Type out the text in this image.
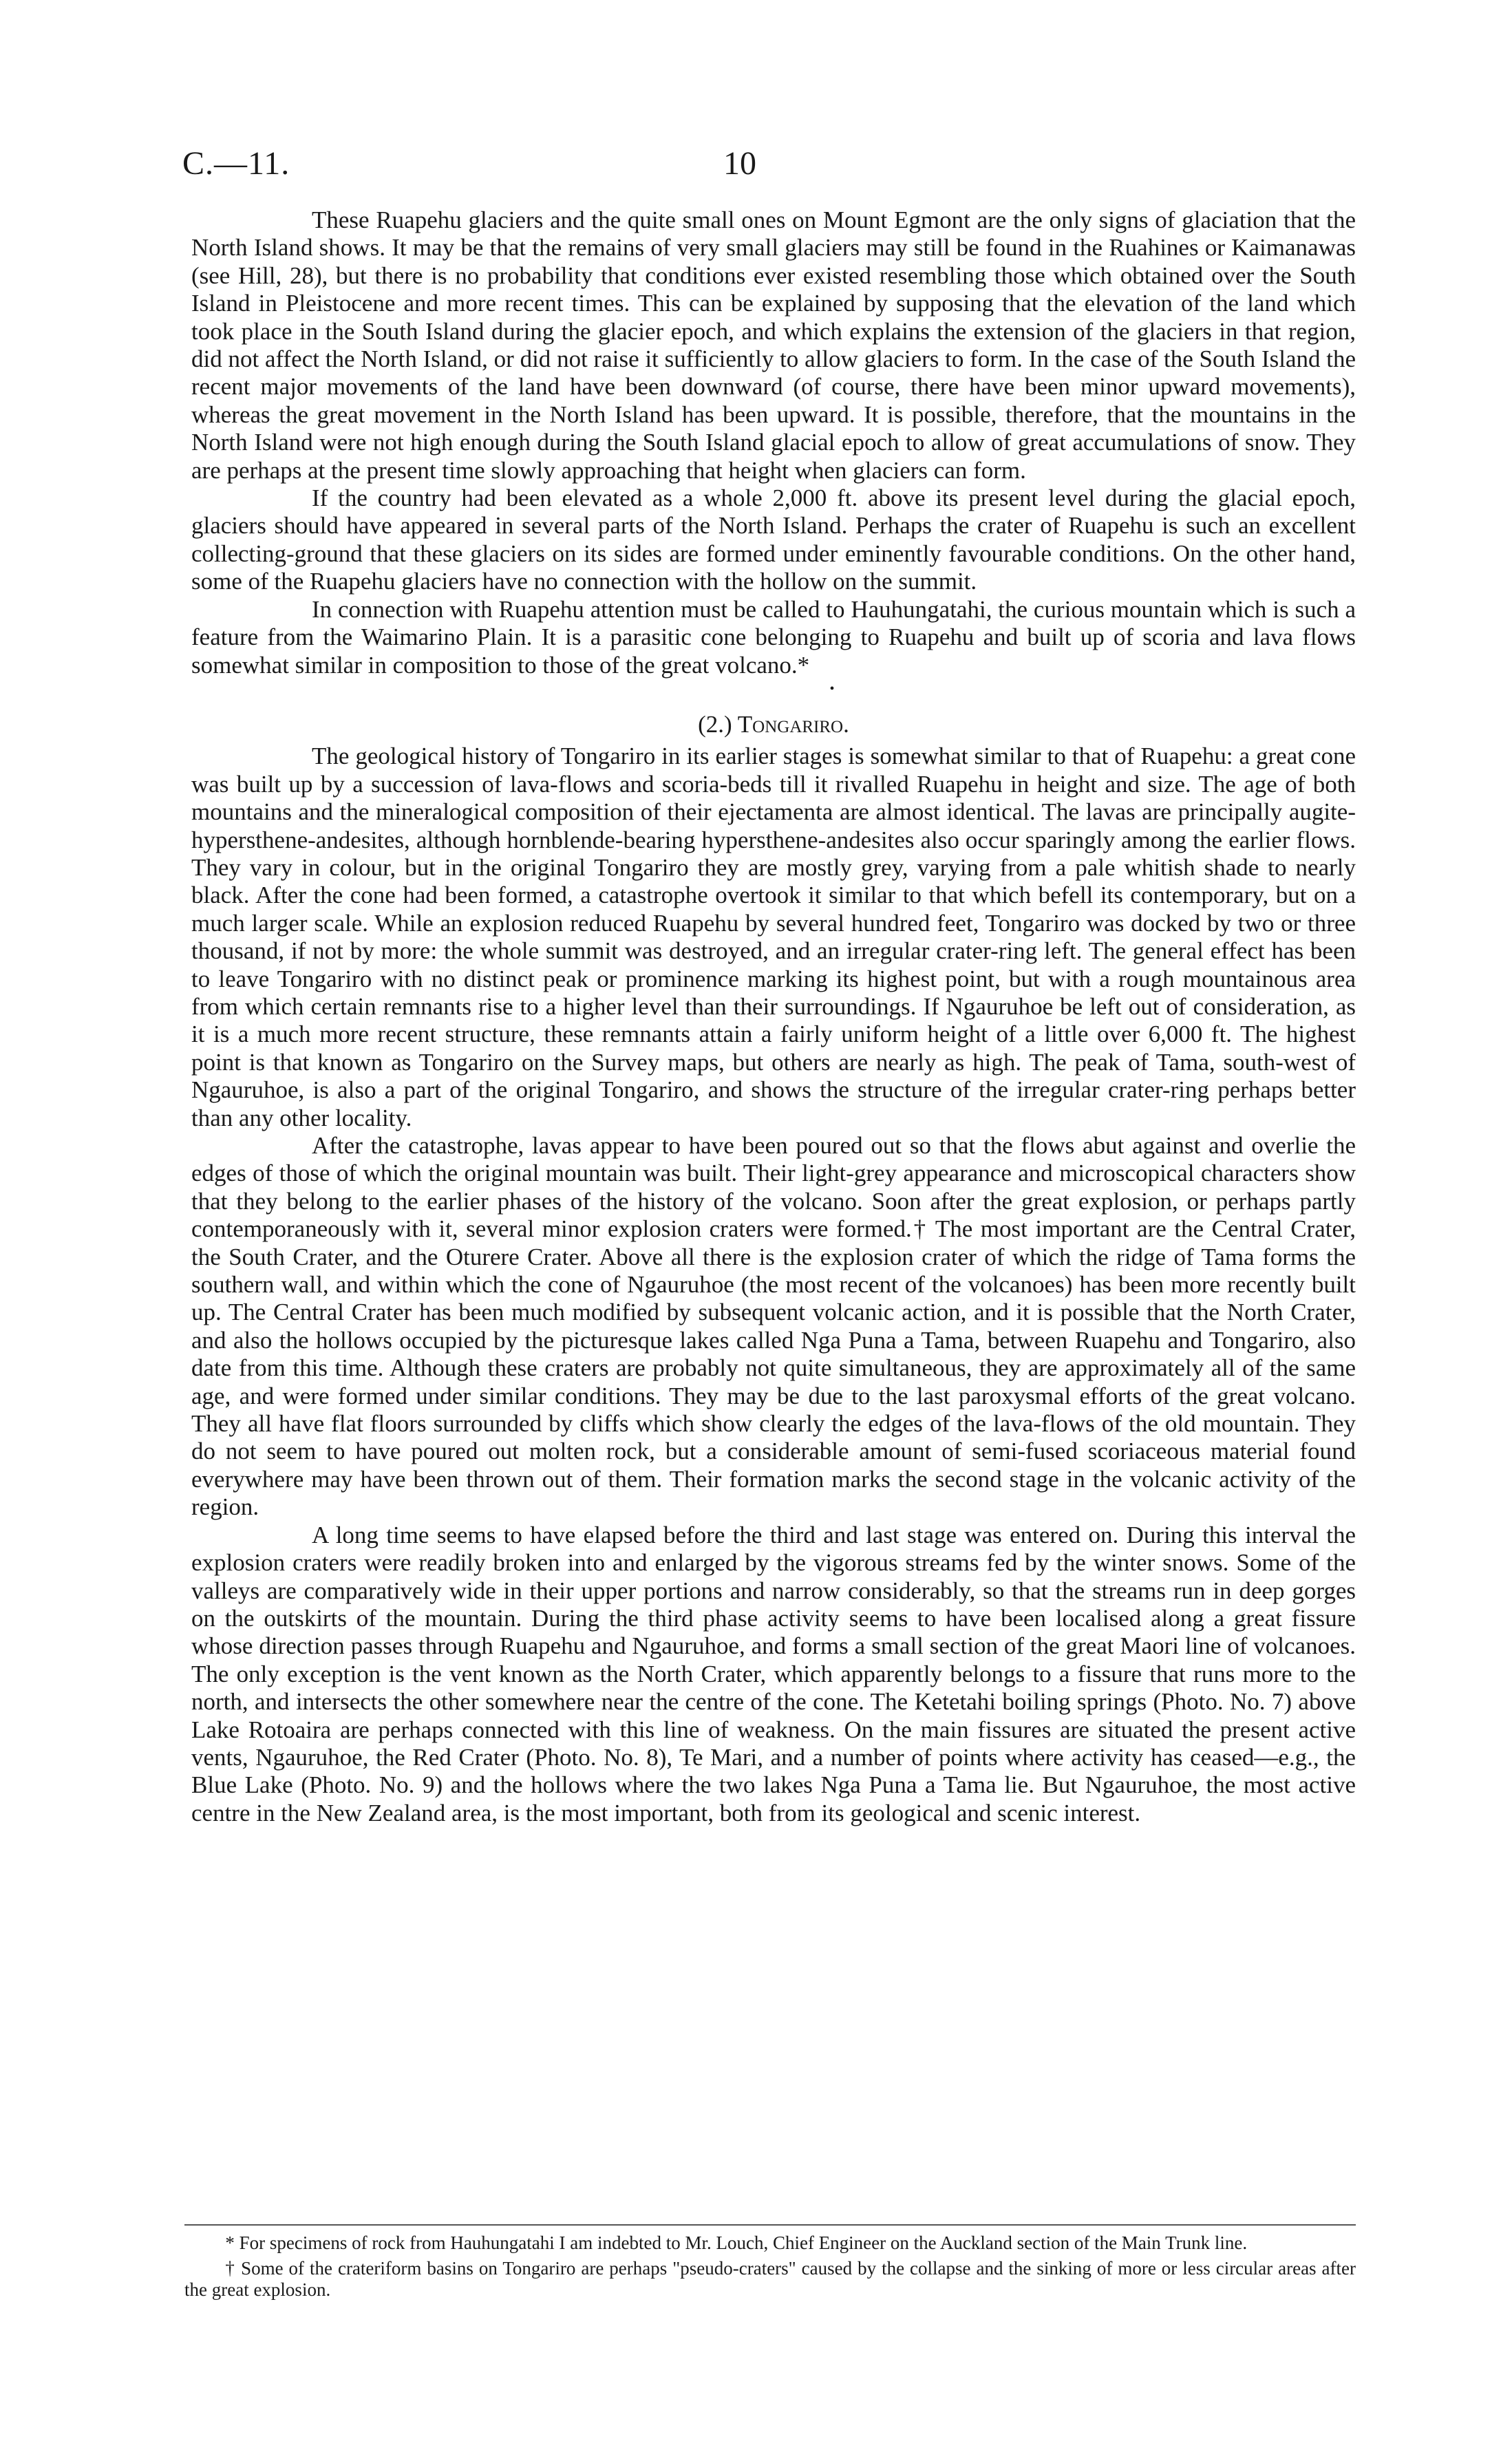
C.—11.	10

These Ruapehu glaciers and the quite small ones on Mount Egmont are the only signs of glaciation that the North Island shows. It may be that the remains of very small glaciers may still be found in the Ruahines or Kaimanawas (see Hill, 28), but there is no probability that conditions ever existed resembling those which obtained over the South Island in Pleistocene and more recent times. This can be explained by supposing that the elevation of the land which took place in the South Island during the glacier epoch, and which explains the extension of the glaciers in that region, did not affect the North Island, or did not raise it sufficiently to allow glaciers to form. In the case of the South Island the recent major movements of the land have been downward (of course, there have been minor upward movements), whereas the great movement in the North Island has been upward. It is possible, therefore, that the mountains in the North Island were not high enough during the South Island glacial epoch to allow of great accumulations of snow. They are perhaps at the present time slowly approaching that height when glaciers can form.

If the country had been elevated as a whole 2,000 ft. above its present level during the glacial epoch, glaciers should have appeared in several parts of the North Island. Perhaps the crater of Ruapehu is such an excellent collecting-ground that these glaciers on its sides are formed under eminently favourable conditions. On the other hand, some of the Ruapehu glaciers have no connection with the hollow on the summit.

In connection with Ruapehu attention must be called to Hauhungatahi, the curious mountain which is such a feature from the Waimarino Plain. It is a parasitic cone belonging to Ruapehu and built up of scoria and lava flows somewhat similar in composition to those of the great volcano.*

•
(2.) Tongariro.

The geological history of Tongariro in its earlier stages is somewhat similar to that of Ruapehu: a great cone was built up by a succession of lava-flows and scoria-beds till it rivalled Ruapehu in height and size. The age of both mountains and the mineralogical composition of their ejectamenta are almost identical. The lavas are principally augite-hypersthene-andesites, although hornblende-bearing hypersthene-andesites also occur sparingly among the earlier flows. They vary in colour, but in the original Tongariro they are mostly grey, varying from a pale whitish shade to nearly black. After the cone had been formed, a catastrophe overtook it similar to that which befell its contemporary, but on a much larger scale. While an explosion reduced Ruapehu by several hundred feet, Tongariro was docked by two or three thousand, if not by more: the whole summit was destroyed, and an irregular crater-ring left. The general effect has been to leave Tongariro with no distinct peak or prominence marking its highest point, but with a rough mountainous area from which certain remnants rise to a higher level than their surroundings. If Ngauruhoe be left out of consideration, as it is a much more recent structure, these remnants attain a fairly uniform height of a little over 6,000 ft. The highest point is that known as Tongariro on the Survey maps, but others are nearly as high. The peak of Tama, south-west of Ngauruhoe, is also a part of the original Tongariro, and shows the structure of the irregular crater-ring perhaps better than any other locality.

After the catastrophe, lavas appear to have been poured out so that the flows abut against and overlie the edges of those of which the original mountain was built. Their light-grey appearance and microscopical characters show that they belong to the earlier phases of the history of the volcano. Soon after the great explosion, or perhaps partly contemporaneously with it, several minor explosion craters were formed.† The most important are the Central Crater, the South Crater, and the Oturere Crater. Above all there is the explosion crater of which the ridge of Tama forms the southern wall, and within which the cone of Ngauruhoe (the most recent of the volcanoes) has been more recently built up. The Central Crater has been much modified by subsequent volcanic action, and it is possible that the North Crater, and also the hollows occupied by the picturesque lakes called Nga Puna a Tama, between Ruapehu and Tongariro, also date from this time. Although these craters are probably not quite simultaneous, they are approximately all of the same age, and were formed under similar conditions. They may be due to the last paroxysmal efforts of the great volcano. They all have flat floors surrounded by cliffs which show clearly the edges of the lava-flows of the old mountain. They do not seem to have poured out molten rock, but a considerable amount of semi-fused scoriaceous material found everywhere may have been thrown out of them. Their formation marks the second stage in the volcanic activity of the region.

A long time seems to have elapsed before the third and last stage was entered on. During this interval the explosion craters were readily broken into and enlarged by the vigorous streams fed by the winter snows. Some of the valleys are comparatively wide in their upper portions and narrow considerably, so that the streams run in deep gorges on the outskirts of the mountain. During the third phase activity seems to have been localised along a great fissure whose direction passes through Ruapehu and Ngauruhoe, and forms a small section of the great Maori line of volcanoes. The only exception is the vent known as the North Crater, which apparently belongs to a fissure that runs more to the north, and intersects the other somewhere near the centre of the cone. The Ketetahi boiling springs (Photo. No. 7) above Lake Rotoaira are perhaps connected with this line of weakness. On the main fissures are situated the present active vents, Ngauruhoe, the Red Crater (Photo. No. 8), Te Mari, and a number of points where activity has ceased—e.g., the Blue Lake (Photo. No. 9) and the hollows where the two lakes Nga Puna a Tama lie. But Ngauruhoe, the most active centre in the New Zealand area, is the most important, both from its geological and scenic interest.

* For specimens of rock from Hauhungatahi I am indebted to Mr. Louch, Chief Engineer on the Auckland section of the Main Trunk line.

† Some of the crateriform basins on Tongariro are perhaps "pseudo-craters" caused by the collapse and the sinking of more or less circular areas after the great explosion.
